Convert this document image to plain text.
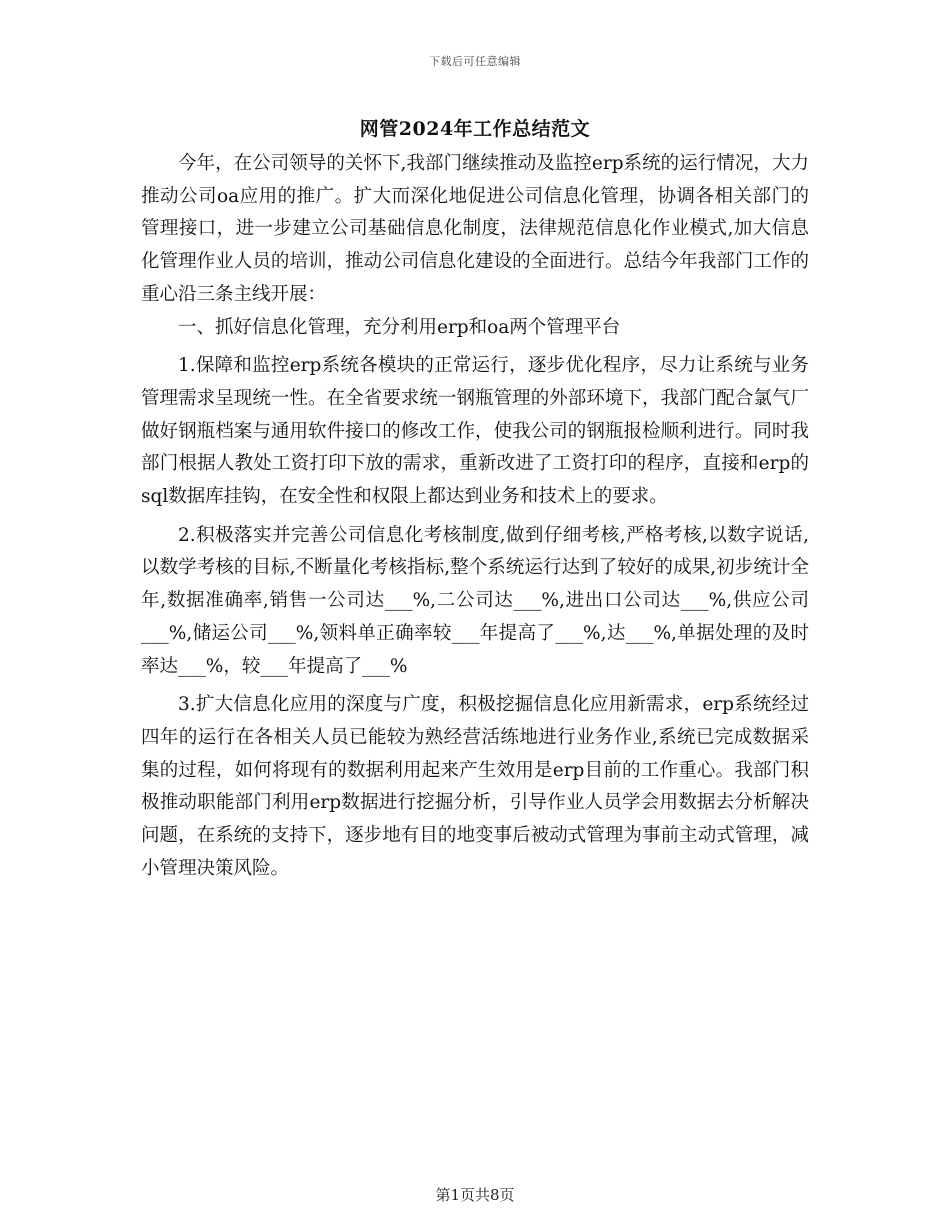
下载后可任意编辑
网管2024年工作总结范文

今年，在公司领导的关怀下,我部门继续推动及监控erp系统的运行情况，大力推动公司oa应用的推广。扩大而深化地促进公司信息化管理，协调各相关部门的管理接口，进一步建立公司基础信息化制度，法律规范信息化作业模式,加大信息化管理作业人员的培训，推动公司信息化建设的全面进行。总结今年我部门工作的重心沿三条主线开展：

一、抓好信息化管理，充分利用erp和oa两个管理平台

1.保障和监控erp系统各模块的正常运行，逐步优化程序，尽力让系统与业务管理需求呈现统一性。在全省要求统一钢瓶管理的外部环境下，我部门配合氯气厂做好钢瓶档案与通用软件接口的修改工作，使我公司的钢瓶报检顺利进行。同时我部门根据人教处工资打印下放的需求，重新改进了工资打印的程序，直接和erp的sql数据库挂钩，在安全性和权限上都达到业务和技术上的要求。

2.积极落实并完善公司信息化考核制度,做到仔细考核,严格考核,以数字说话,以数学考核的目标,不断量化考核指标,整个系统运行达到了较好的成果,初步统计全年,数据准确率,销售一公司达___%,二公司达___%,进出口公司达___%,供应公司___%,储运公司___%,领料单正确率较___年提高了___%,达___%,单据处理的及时率达___%，较___年提高了___%

3.扩大信息化应用的深度与广度，积极挖掘信息化应用新需求，erp系统经过四年的运行在各相关人员已能较为熟经营活练地进行业务作业,系统已完成数据采集的过程，如何将现有的数据利用起来产生效用是erp目前的工作重心。我部门积极推动职能部门利用erp数据进行挖掘分析，引导作业人员学会用数据去分析解决问题，在系统的支持下，逐步地有目的地变事后被动式管理为事前主动式管理，减小管理决策风险。

第1页共8页
